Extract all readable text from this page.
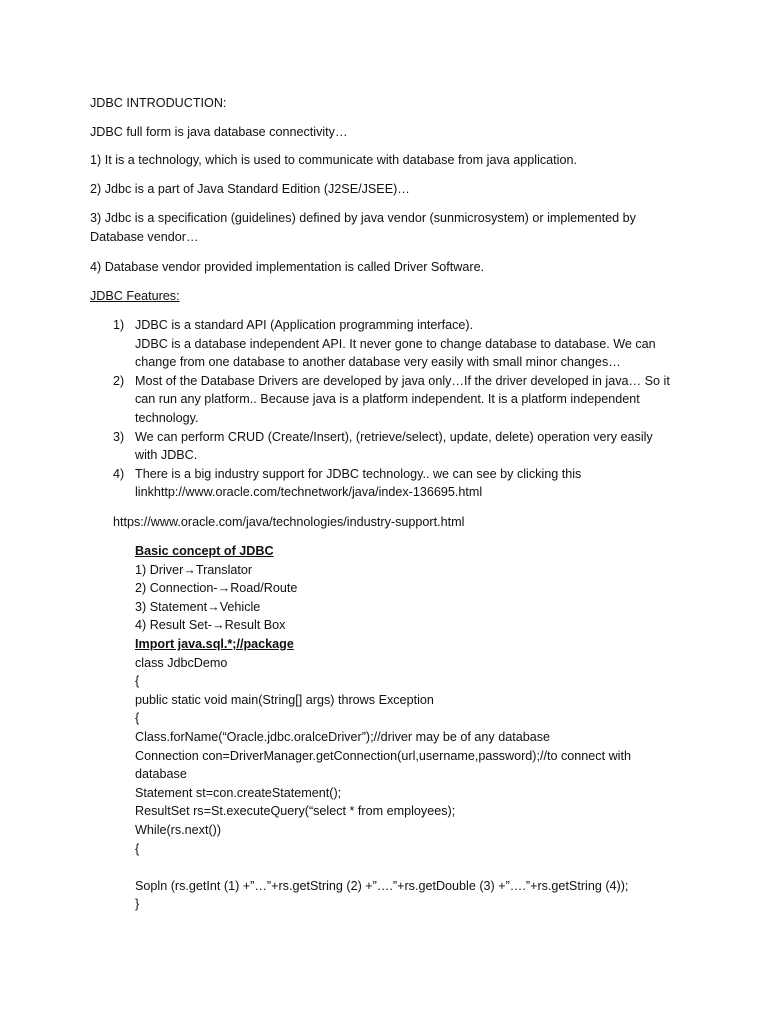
JDBC INTRODUCTION:
JDBC full form is java database connectivity…
1) It is a technology, which is used to communicate with database from java application.
2) Jdbc is a part of Java Standard Edition (J2SE/JSEE)…
3) Jdbc is a specification (guidelines) defined by java vendor (sunmicrosystem) or implemented by Database vendor…
4) Database vendor provided implementation is called Driver Software.
JDBC Features:
1) JDBC is a standard API (Application programming interface).
JDBC is a database independent API. It never gone to change database to database. We can
change from one database to another database very easily with small minor changes…
2) Most of the Database Drivers are developed by java only…If the driver developed in java… So it
can run any platform.. Because java is a platform independent. It is a platform independent
technology.
3) We can perform CRUD (Create/Insert), (retrieve/select), update, delete) operation very easily
with JDBC.
4) There is a big industry support for JDBC technology.. we can see by clicking this
linkhttp://www.oracle.com/technetwork/java/index-136695.html
https://www.oracle.com/java/technologies/industry-support.html
Basic concept of JDBC
1) Driver→Translator
2) Connection-→Road/Route
3) Statement→Vehicle
4) Result Set-→Result Box
Import java.sql.*;//package
class JdbcDemo
{
public static void main(String[] args) throws Exception
{
Class.forName(“Oracle.jdbc.oralceDriver”);//driver may be of any database
Connection con=DriverManager.getConnection(url,username,password);//to connect with
database
Statement st=con.createStatement();
ResultSet rs=St.executeQuery(“select * from employees);
While(rs.next())
{
Sopln (rs.getInt (1) +”…”+rs.getString (2) +”….”+rs.getDouble (3) +”….”+rs.getString (4));
}
